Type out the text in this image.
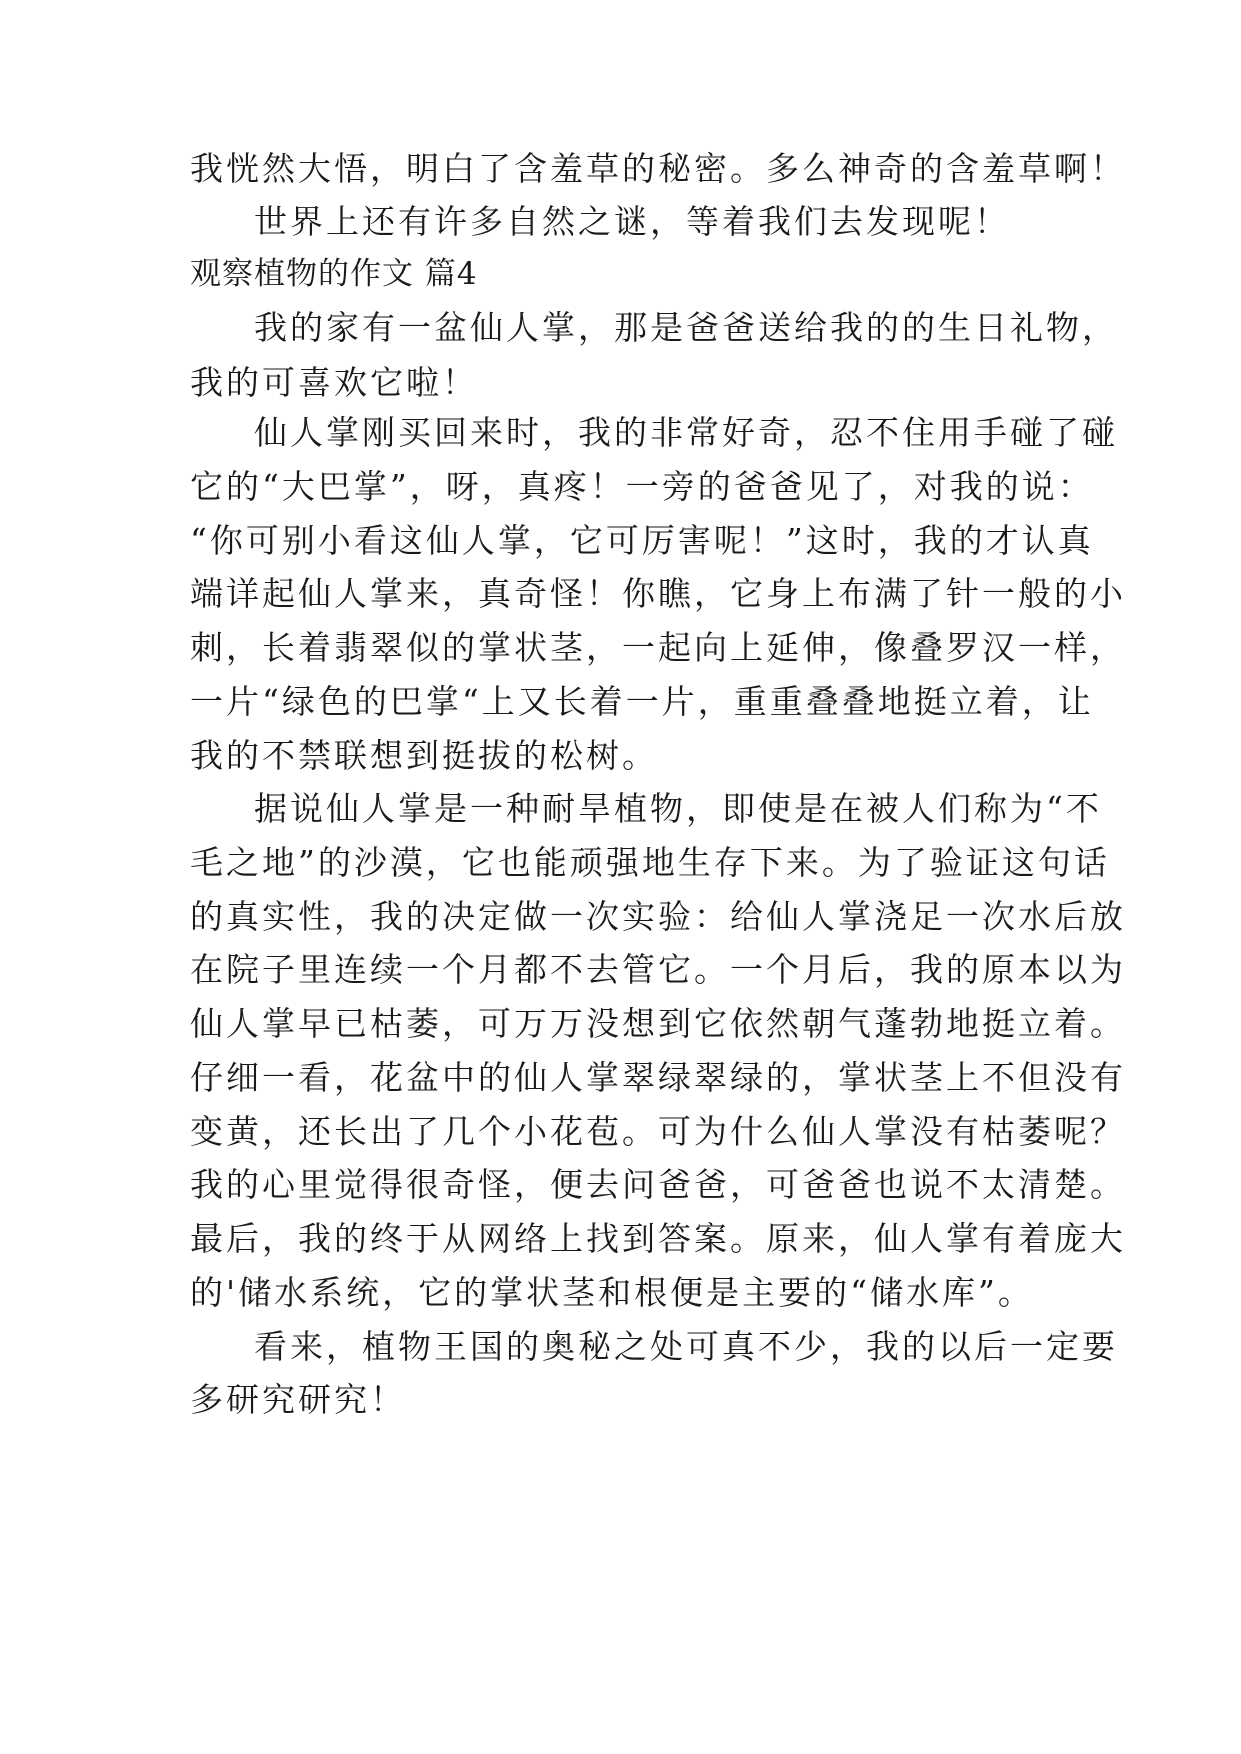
我恍然大悟，明白了含羞草的秘密。多么神奇的含羞草啊！
世界上还有许多自然之谜，等着我们去发现呢！
观察植物的作文 篇4
我的家有一盆仙人掌，那是爸爸送给我的的生日礼物，
我的可喜欢它啦！
仙人掌刚买回来时，我的非常好奇，忍不住用手碰了碰
它的“大巴掌”，呀，真疼！一旁的爸爸见了，对我的说：
“你可别小看这仙人掌，它可厉害呢！”这时，我的才认真
端详起仙人掌来，真奇怪！你瞧，它身上布满了针一般的小
刺，长着翡翠似的掌状茎，一起向上延伸，像叠罗汉一样，
一片“绿色的巴掌“上又长着一片，重重叠叠地挺立着，让
我的不禁联想到挺拔的松树。
据说仙人掌是一种耐旱植物，即使是在被人们称为“不
毛之地”的沙漠，它也能顽强地生存下来。为了验证这句话
的真实性，我的决定做一次实验：给仙人掌浇足一次水后放
在院子里连续一个月都不去管它。一个月后，我的原本以为
仙人掌早已枯萎，可万万没想到它依然朝气蓬勃地挺立着。
仔细一看，花盆中的仙人掌翠绿翠绿的，掌状茎上不但没有
变黄，还长出了几个小花苞。可为什么仙人掌没有枯萎呢？
我的心里觉得很奇怪，便去问爸爸，可爸爸也说不太清楚。
最后，我的终于从网络上找到答案。原来，仙人掌有着庞大
的'储水系统，它的掌状茎和根便是主要的“储水库”。
看来，植物王国的奥秘之处可真不少，我的以后一定要
多研究研究！
